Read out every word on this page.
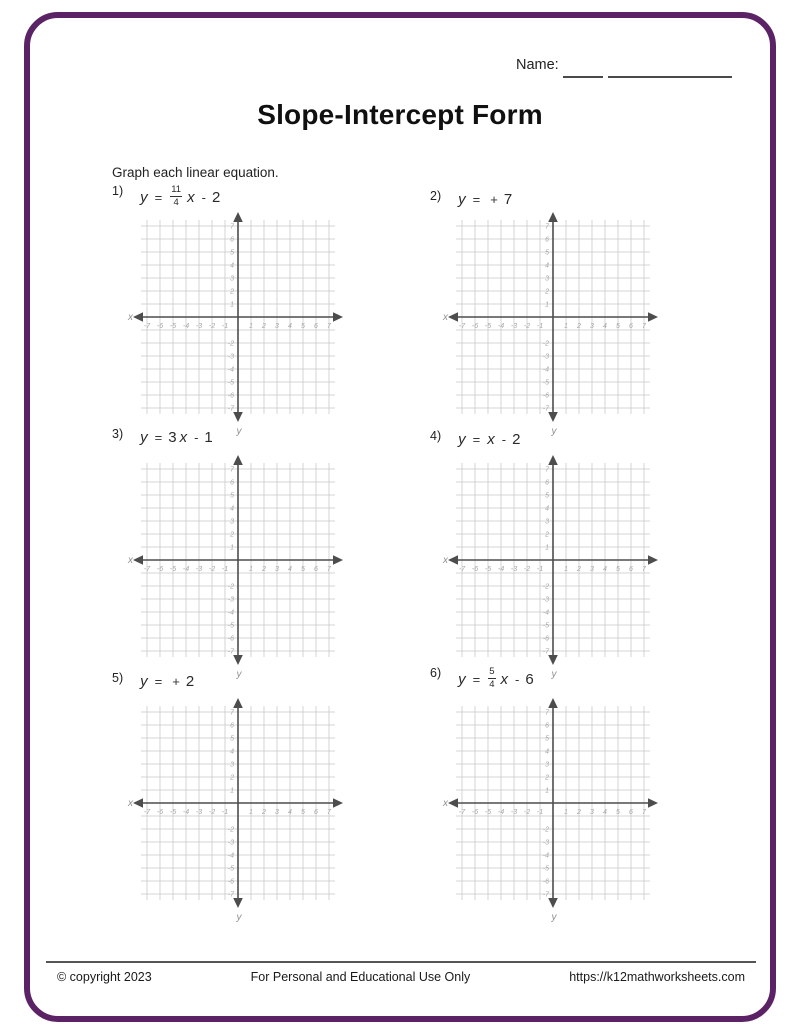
Name:
Slope-Intercept Form
Graph each linear equation.
1) $y = \frac{11}{4}$ x - 2	2) y = + 7
3) y = 3 x - 1	4) y = x - 2
5) y = + 2	6) $y = \frac{5}{4}$ x - 6
-7 -6 -5 -4 -3 -2 -1	1 2 3 4 5 6 7
1
2
3
4
5
6
7
-2
-3
-4
-5
-6
-7
x
y
-7 -6 -5 -4 -3 -2 -1	1 2 3 4 5 6 7
1
2
3
4
5
6
7
-2
-3
-4
-5
-6
-7
x
y
-7 -6 -5 -4 -3 -2 -1	1 2 3 4 5 6 7
1
2
3
4
5
6
7
-2
-3
-4
-5
-6
-7
x
y
-7 -6 -5 -4 -3 -2 -1	1 2 3 4 5 6 7
1
2
3
4
5
6
7
-2
-3
-4
-5
-6
-7
x
y
-7 -6 -5 -4 -3 -2 -1	1 2 3 4 5 6 7
1
2
3
4
5
6
7
-2
-3
-4
-5
-6
-7
x
y
-7 -6 -5 -4 -3 -2 -1	1 2 3 4 5 6 7
1
2
3
4
5
6
7
-2
-3
-4
-5
-6
-7
x
y
© copyright 2023	For Personal and Educational Use Only	https://k12mathworksheets.com
